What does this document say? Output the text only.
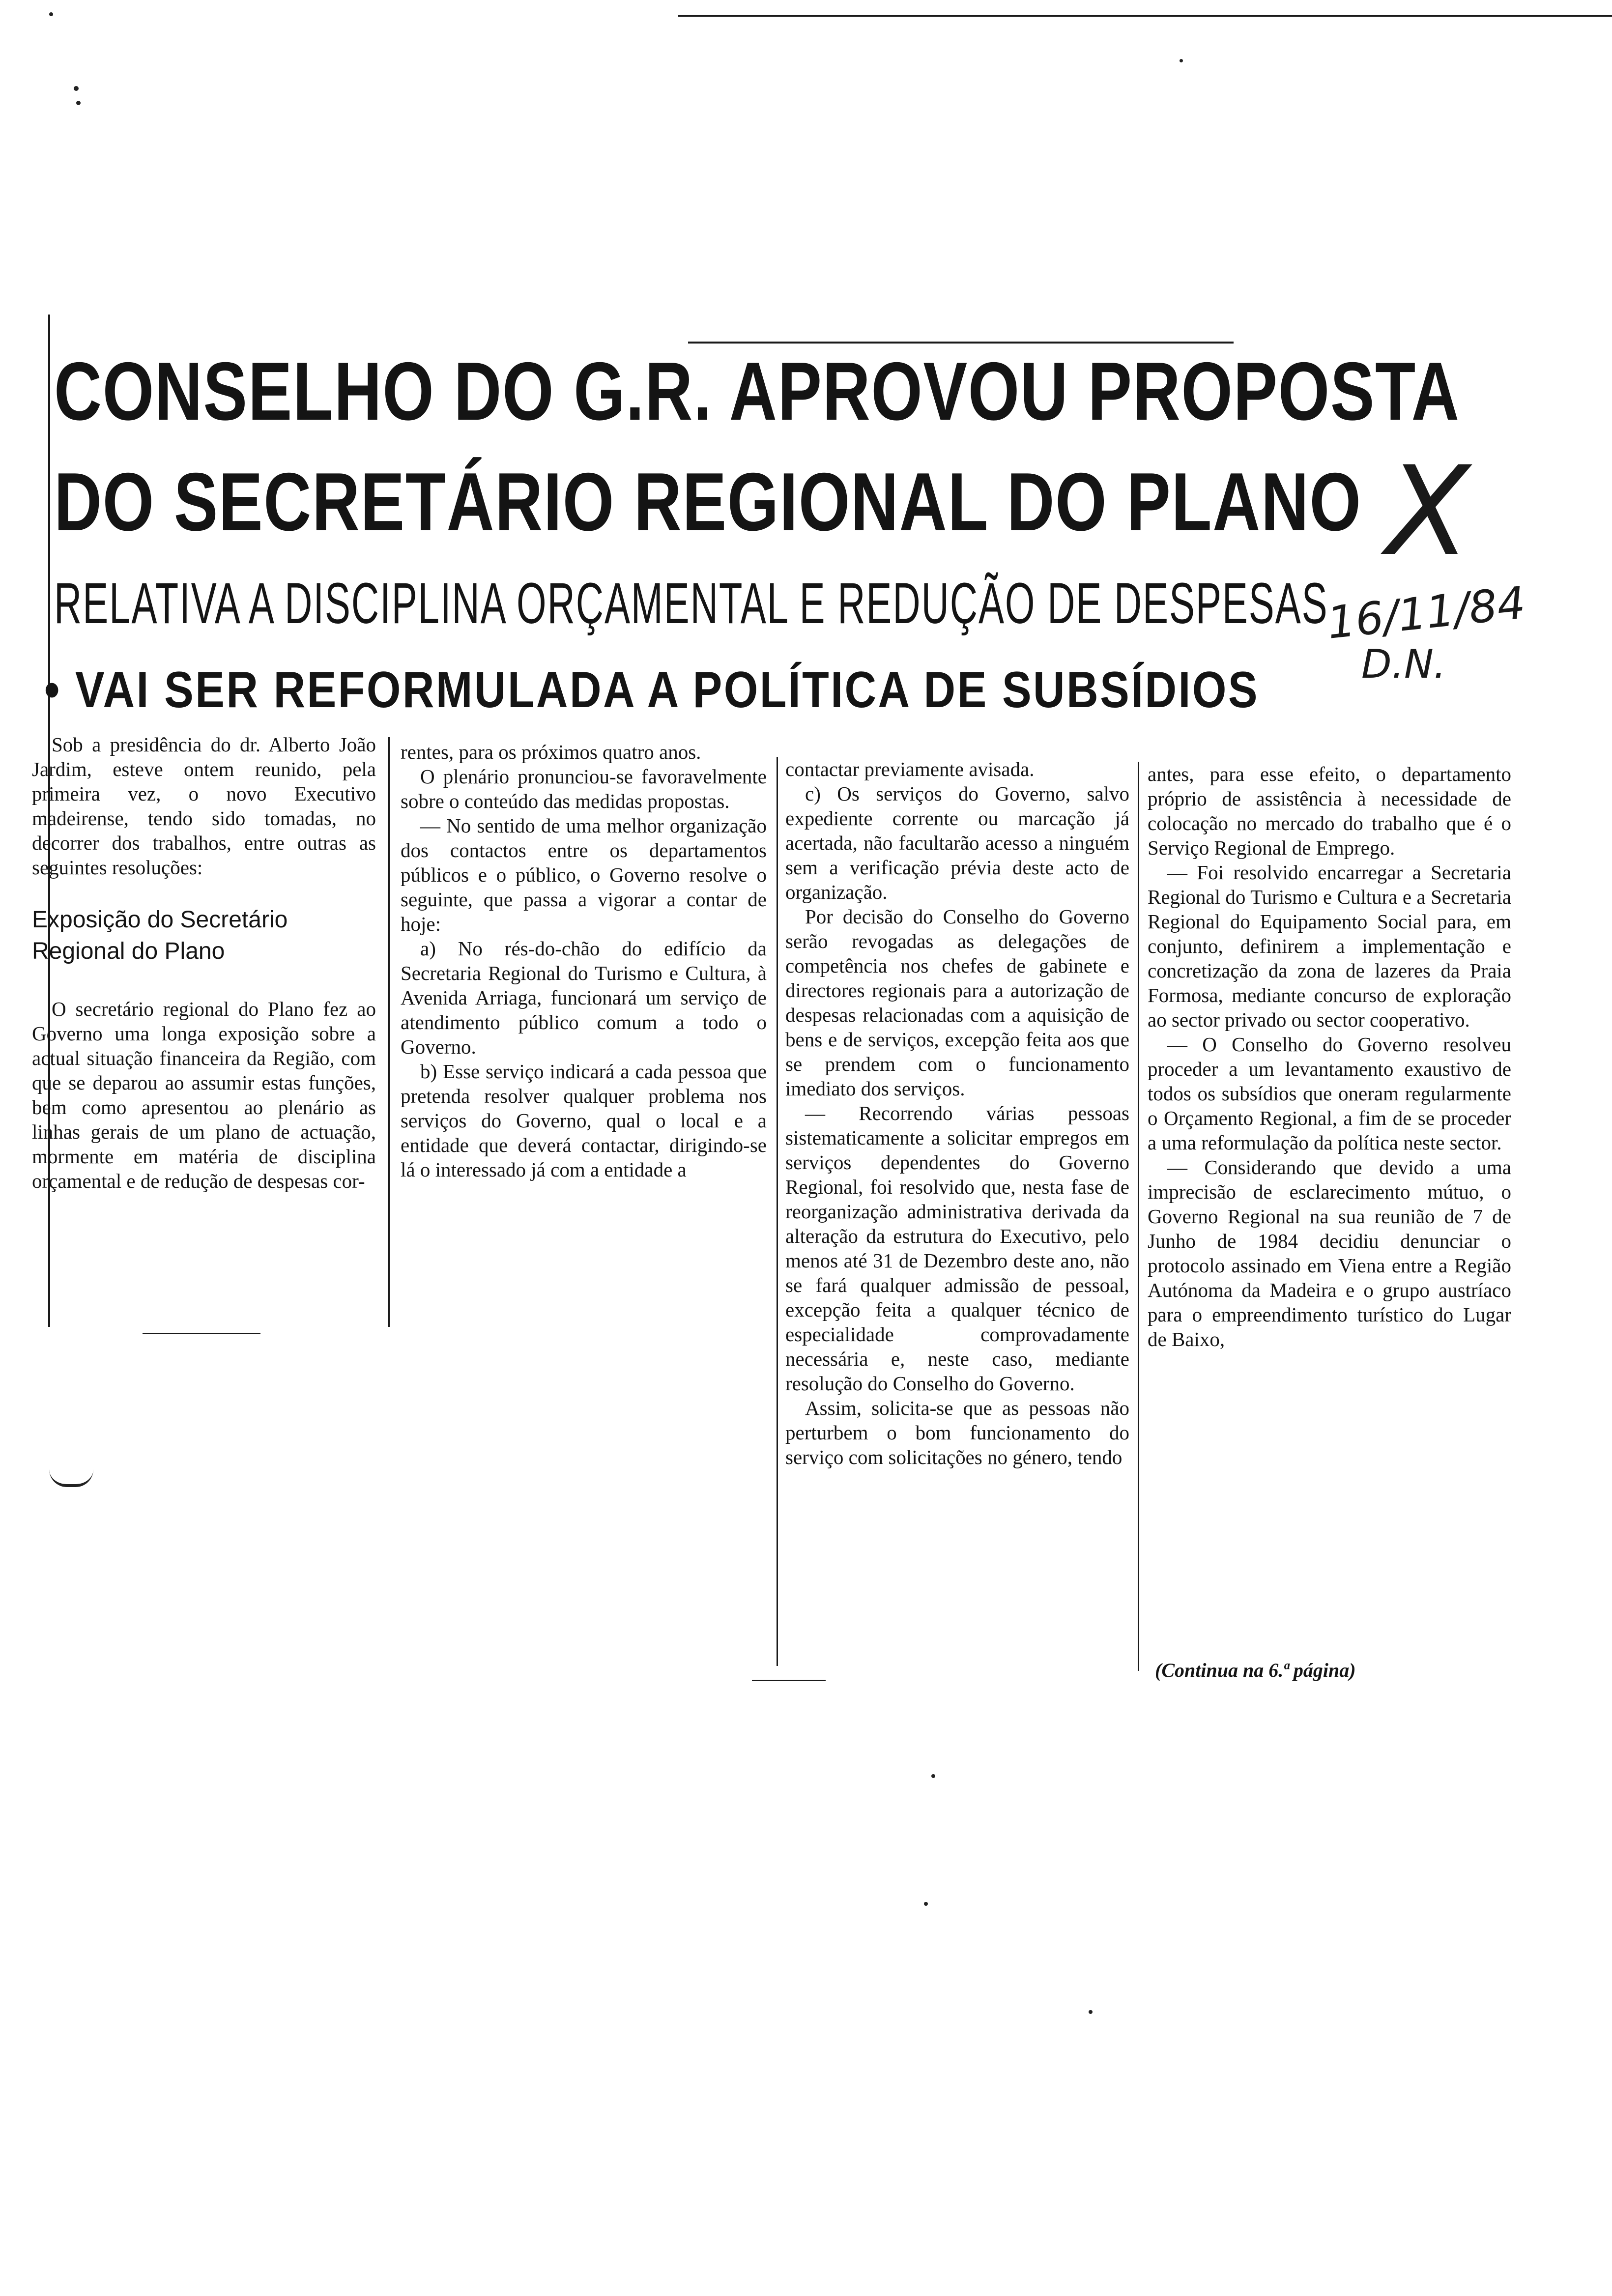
CONSELHO DO G.R. APROVOU PROPOSTA
DO SECRETÁRIO REGIONAL DO PLANO
RELATIVA A DISCIPLINA ORÇAMENTAL E REDUÇÃO DE DESPESAS
• VAI SER REFORMULADA A POLÍTICA DE SUBSÍDIOS
X
16/11/84
D.N.

Sob a presidência do dr. Alberto João Jardim, esteve ontem reunido, pela primeira vez, o novo Executivo madeirense, tendo sido tomadas, no decorrer dos trabalhos, entre outras as seguintes resoluções:

Exposição do Secretário Regional do Plano

O secretário regional do Plano fez ao Governo uma longa exposição sobre a actual situação financeira da Região, com que se deparou ao assumir estas funções, bem como apresentou ao plenário as linhas gerais de um plano de actuação, mormente em matéria de disciplina orçamental e de redução de despesas cor-

rentes, para os próximos quatro anos.

O plenário pronunciou-se favoravelmente sobre o conteúdo das medidas propostas.

— No sentido de uma melhor organização dos contactos entre os departamentos públicos e o público, o Governo resolve o seguinte, que passa a vigorar a contar de hoje:

a) No rés-do-chão do edifício da Secretaria Regional do Turismo e Cultura, à Avenida Arriaga, funcionará um serviço de atendimento público comum a todo o Governo.

b) Esse serviço indicará a cada pessoa que pretenda resolver qualquer problema nos serviços do Governo, qual o local e a entidade que deverá contactar, dirigindo-se lá o interessado já com a entidade a

contactar previamente avisada.

c) Os serviços do Governo, salvo expediente corrente ou marcação já acertada, não facultarão acesso a ninguém sem a verificação prévia deste acto de organização.

Por decisão do Conselho do Governo serão revogadas as delegações de competência nos chefes de gabinete e directores regionais para a autorização de despesas relacionadas com a aquisição de bens e de serviços, excepção feita aos que se prendem com o funcionamento imediato dos serviços.

— Recorrendo várias pessoas sistematicamente a solicitar empregos em serviços dependentes do Governo Regional, foi resolvido que, nesta fase de reorganização administrativa derivada da alteração da estrutura do Executivo, pelo menos até 31 de Dezembro deste ano, não se fará qualquer admissão de pessoal, excepção feita a qualquer técnico de especialidade comprovadamente necessária e, neste caso, mediante resolução do Conselho do Governo.

Assim, solicita-se que as pessoas não perturbem o bom funcionamento do serviço com solicitações no género, tendo

antes, para esse efeito, o departamento próprio de assistência à necessidade de colocação no mercado do trabalho que é o Serviço Regional de Emprego.

— Foi resolvido encarregar a Secretaria Regional do Turismo e Cultura e a Secretaria Regional do Equipamento Social para, em conjunto, definirem a implementação e concretização da zona de lazeres da Praia Formosa, mediante concurso de exploração ao sector privado ou sector cooperativo.

— O Conselho do Governo resolveu proceder a um levantamento exaustivo de todos os subsídios que oneram regularmente o Orçamento Regional, a fim de se proceder a uma reformulação da política neste sector.

— Considerando que devido a uma imprecisão de esclarecimento mútuo, o Governo Regional na sua reunião de 7 de Junho de 1984 decidiu denunciar o protocolo assinado em Viena entre a Região Autónoma da Madeira e o grupo austríaco para o empreendimento turístico do Lugar de Baixo,

(Continua na 6.ª página)
